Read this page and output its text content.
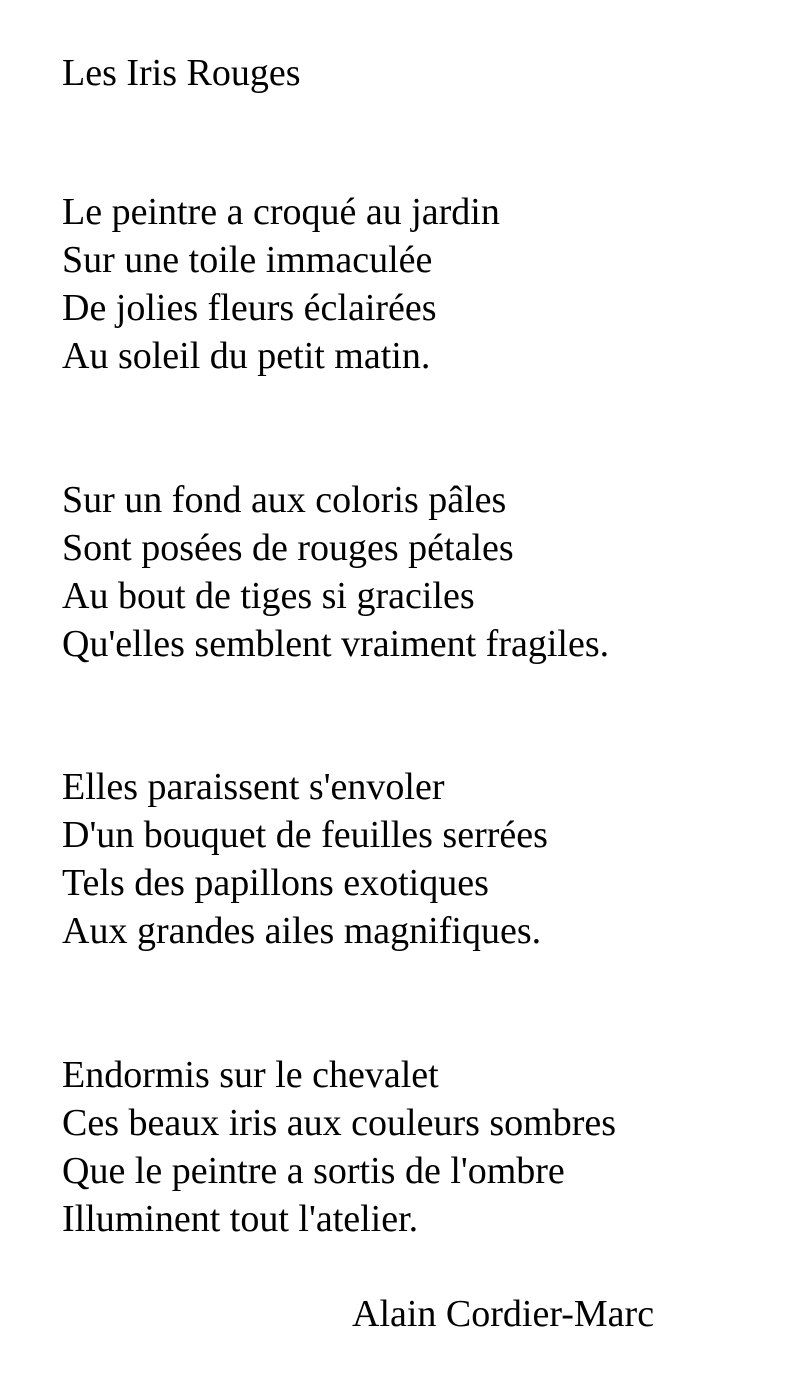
Les Iris Rouges
Le peintre a croqué au jardin
Sur une toile immaculée
De jolies fleurs éclairées
Au soleil du petit matin.
Sur un fond aux coloris pâles
Sont posées de rouges pétales
Au bout de tiges si graciles
Qu'elles semblent vraiment fragiles.
Elles paraissent s'envoler
D'un bouquet de feuilles serrées
Tels des papillons exotiques
Aux grandes ailes magnifiques.
Endormis sur le chevalet
Ces beaux iris aux couleurs sombres
Que le peintre a sortis de l'ombre
Illuminent tout l'atelier.
Alain Cordier-Marc
